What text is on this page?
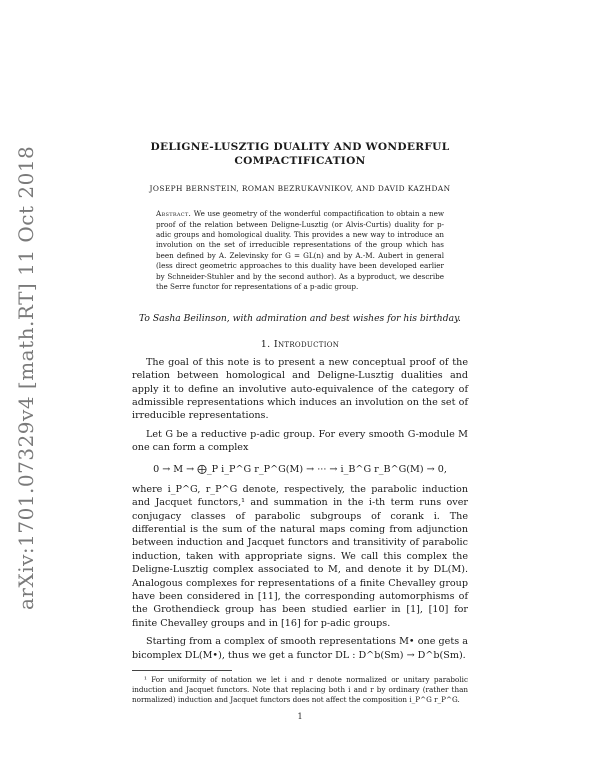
arXiv:1701.07329v4 [math.RT] 11 Oct 2018	DELIGNE-LUSZTIG DUALITY AND WONDERFUL
COMPACTIFICATION
JOSEPH BERNSTEIN, ROMAN BEZRUKAVNIKOV, AND DAVID KAZHDAN
Abstract. We use geometry of the wonderful compactification to obtain a new proof of the relation between Deligne-Lusztig (or Alvis-Curtis) duality for p-adic groups and homological duality. This provides a new way to introduce an involution on the set of irreducible representations of the group which has been defined by A. Zelevinsky for G = GL(n) and by A.-M. Aubert in general (less direct geometric approaches to this duality have been developed earlier by Schneider-Stuhler and by the second author). As a byproduct, we describe the Serre functor for representations of a p-adic group.
To Sasha Beilinson, with admiration and best wishes for his birthday.
1. Introduction
The goal of this note is to present a new conceptual proof of the relation between homological and Deligne-Lusztig dualities and apply it to define an involutive auto-equivalence of the category of admissible representations which induces an involution on the set of irreducible representations.
Let G be a reductive p-adic group. For every smooth G-module M one can form a complex
0 → M → ⨁_P i_P^G r_P^G(M) → ··· → i_B^G r_B^G(M) → 0,
where i_P^G, r_P^G denote, respectively, the parabolic induction and Jacquet functors,¹ and summation in the i-th term runs over conjugacy classes of parabolic subgroups of corank i. The differential is the sum of the natural maps coming from adjunction between induction and Jacquet functors and transitivity of parabolic induction, taken with appropriate signs. We call this complex the Deligne-Lusztig complex associated to M, and denote it by DL(M). Analogous complexes for representations of a finite Chevalley group have been considered in [11], the corresponding automorphisms of the Grothendieck group has been studied earlier in [1], [10] for finite Chevalley groups and in [16] for p-adic groups.
Starting from a complex of smooth representations M• one gets a bicomplex DL(M•), thus we get a functor DL : D^b(Sm) → D^b(Sm).
¹ For uniformity of notation we let i and r denote normalized or unitary parabolic induction and Jacquet functors. Note that replacing both i and r by ordinary (rather than normalized) induction and Jacquet functors does not affect the composition i_P^G r_P^G.
1
